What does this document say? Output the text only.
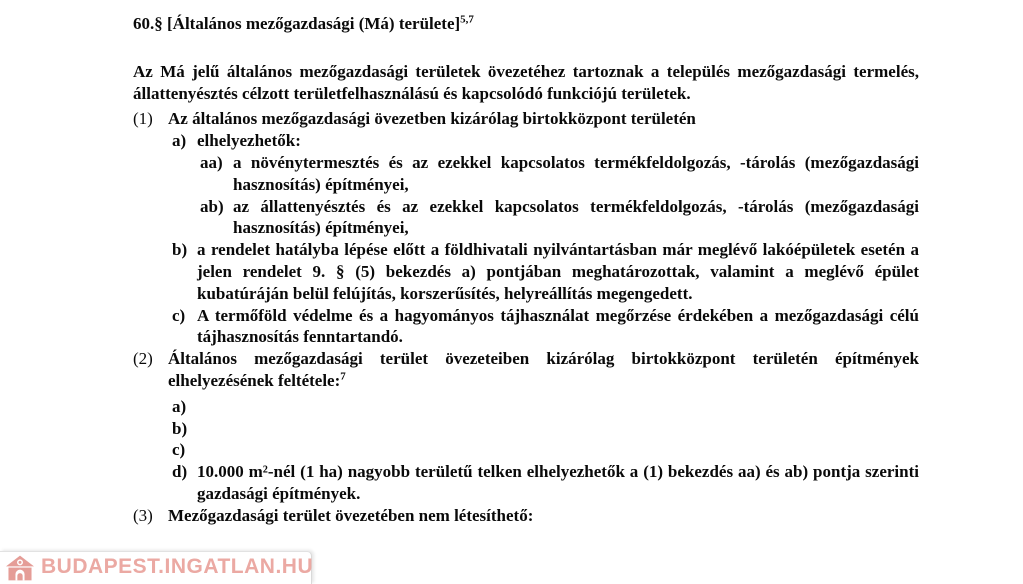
60.§ [Általános mezőgazdasági (Má) területe]$^{5,7}$
Az Má jelű általános mezőgazdasági területek övezetéhez tartoznak a település mezőgazdasági termelés, állattenyésztés célzott területfelhasználású és kapcsolódó funkciójú területek.
(1) Az általános mezőgazdasági övezetben kizárólag birtokközpont területén
a) elhelyezhetők:
aa) a növénytermesztés és az ezekkel kapcsolatos termékfeldolgozás, -tárolás (mezőgazdasági hasznosítás) építményei,
ab) az állattenyésztés és az ezekkel kapcsolatos termékfeldolgozás, -tárolás (mezőgazdasági hasznosítás) építményei,
b) a rendelet hatályba lépése előtt a földhivatali nyilvántartásban már meglévő lakóépületek esetén a jelen rendelet 9. § (5) bekezdés a) pontjában meghatározottak, valamint a meglévő épület kubatúráján belül felújítás, korszerűsítés, helyreállítás megengedett.
c) A termőföld védelme és a hagyományos tájhasználat megőrzése érdekében a mezőgazdasági célú tájhasznosítás fenntartandó.
(2) Általános mezőgazdasági terület övezeteiben kizárólag birtokközpont területén építmények elhelyezésének feltétele:$^7$
a)
b)
c)
d) 10.000 m²-nél (1 ha) nagyobb területű telken elhelyezhetők a (1) bekezdés aa) és ab) pontja szerinti gazdasági építmények.
(3) Mezőgazdasági terület övezetében nem létesíthető:
BUDAPEST.INGATLAN.HU
